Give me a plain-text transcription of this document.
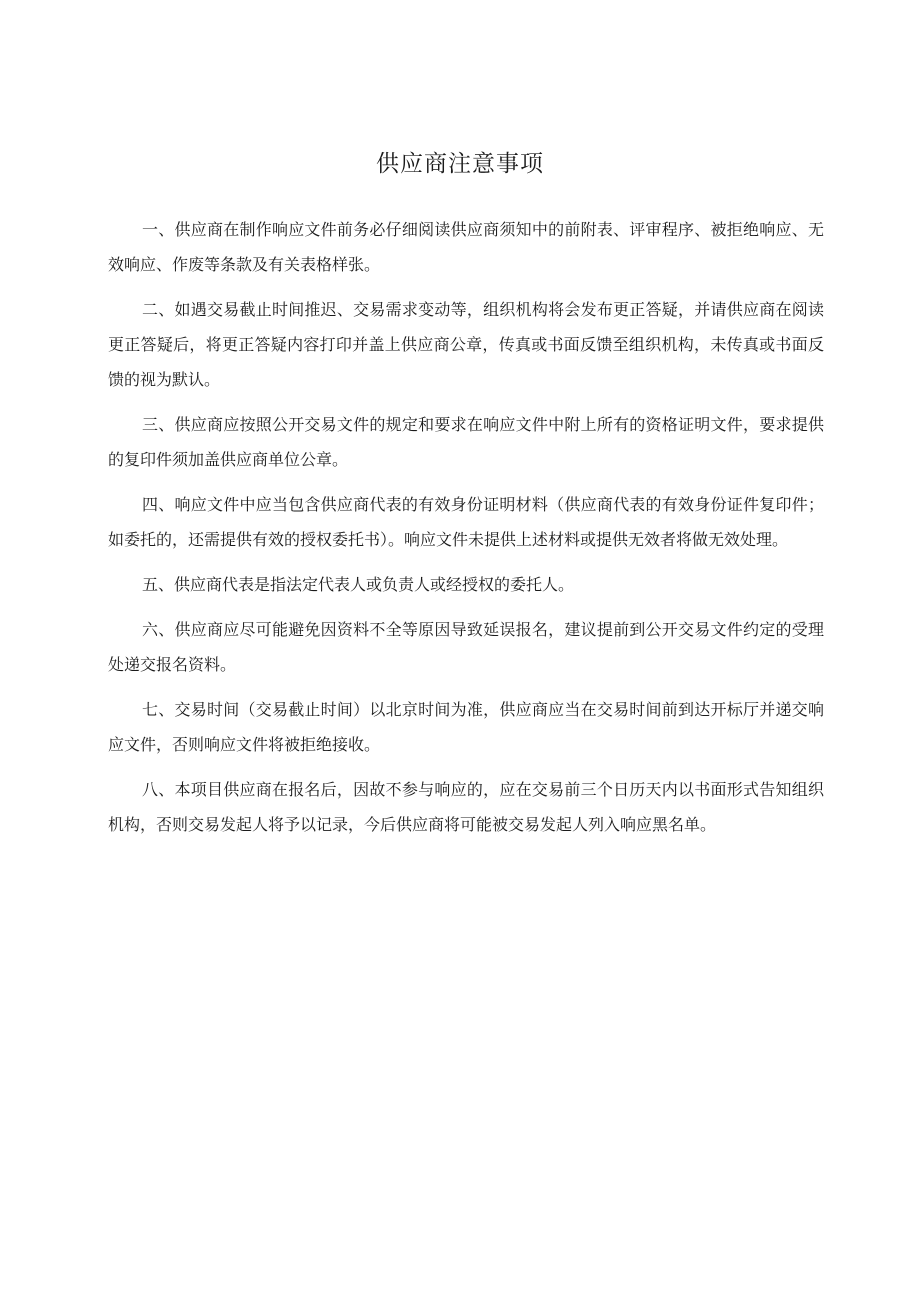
供应商注意事项

一、供应商在制作响应文件前务必仔细阅读供应商须知中的前附表、评审程序、被拒绝响应、无效响应、作废等条款及有关表格样张。

二、如遇交易截止时间推迟、交易需求变动等，组织机构将会发布更正答疑，并请供应商在阅读更正答疑后，将更正答疑内容打印并盖上供应商公章，传真或书面反馈至组织机构，未传真或书面反馈的视为默认。

三、供应商应按照公开交易文件的规定和要求在响应文件中附上所有的资格证明文件，要求提供的复印件须加盖供应商单位公章。

四、响应文件中应当包含供应商代表的有效身份证明材料（供应商代表的有效身份证件复印件；如委托的，还需提供有效的授权委托书）。响应文件未提供上述材料或提供无效者将做无效处理。

五、供应商代表是指法定代表人或负责人或经授权的委托人。

六、供应商应尽可能避免因资料不全等原因导致延误报名，建议提前到公开交易文件约定的受理处递交报名资料。

七、交易时间（交易截止时间）以北京时间为准，供应商应当在交易时间前到达开标厅并递交响应文件，否则响应文件将被拒绝接收。

八、本项目供应商在报名后，因故不参与响应的，应在交易前三个日历天内以书面形式告知组织机构，否则交易发起人将予以记录，今后供应商将可能被交易发起人列入响应黑名单。
